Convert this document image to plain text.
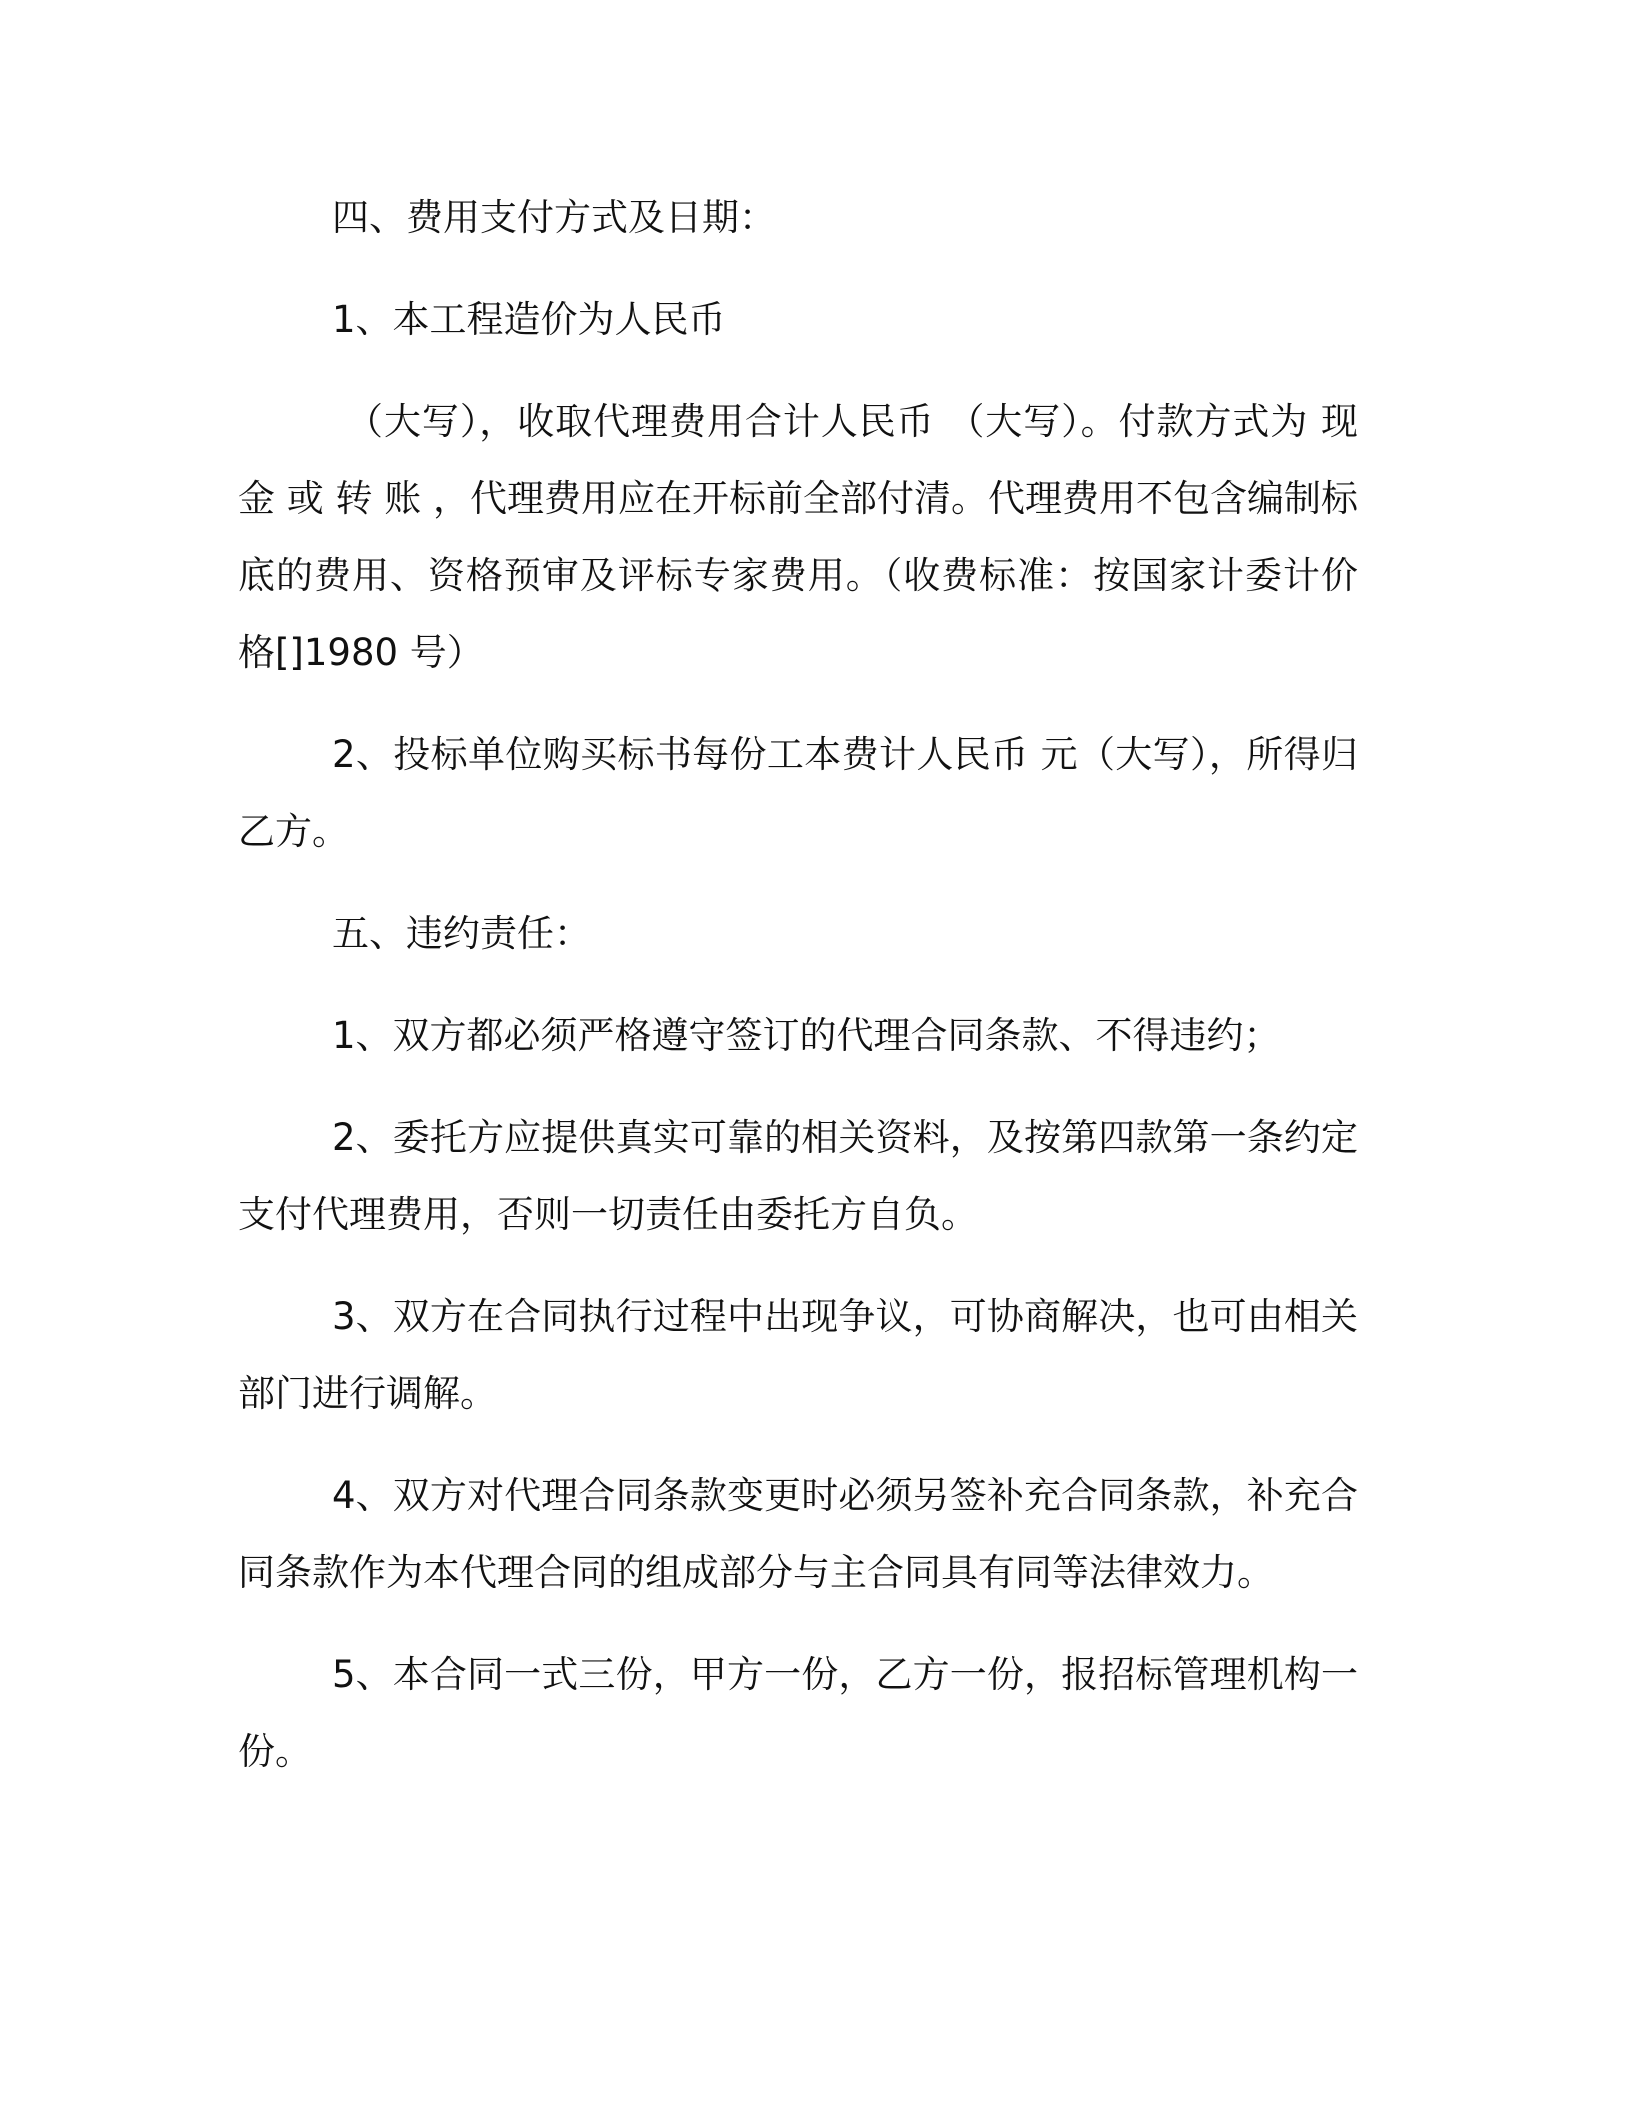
四、费用支付方式及日期：
1、本工程造价为人民币
（大写），收取代理费用合计人民币 （大写）。付款方式为 现
金 或 转 账 ，代理费用应在开标前全部付清。代理费用不包含编制标
底的费用、资格预审及评标专家费用。（收费标准：按国家计委计价
格[]1980 号）
2、投标单位购买标书每份工本费计人民币 元（大写），所得归
乙方。
五、违约责任：
1、双方都必须严格遵守签订的代理合同条款、不得违约；
2、委托方应提供真实可靠的相关资料，及按第四款第一条约定
支付代理费用，否则一切责任由委托方自负。
3、双方在合同执行过程中出现争议，可协商解决，也可由相关
部门进行调解。
4、双方对代理合同条款变更时必须另签补充合同条款，补充合
同条款作为本代理合同的组成部分与主合同具有同等法律效力。
5、本合同一式三份，甲方一份，乙方一份，报招标管理机构一
份。
